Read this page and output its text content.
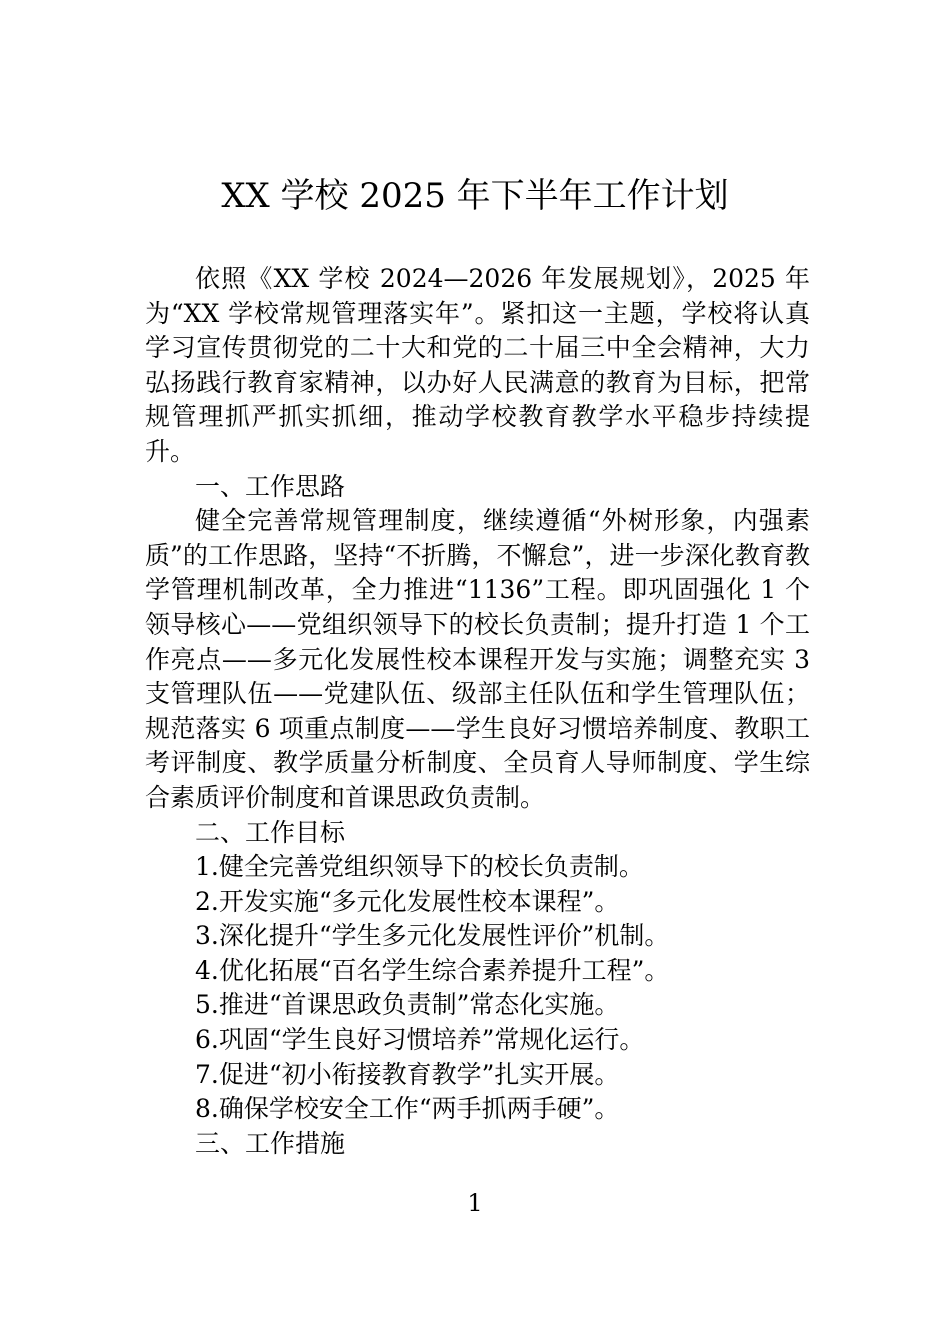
XX 学校 2025 年下半年工作计划

依照《XX 学校 2024—2026 年发展规划》，2025 年为“XX 学校常规管理落实年”。紧扣这一主题，学校将认真学习宣传贯彻党的二十大和党的二十届三中全会精神，大力弘扬践行教育家精神，以办好人民满意的教育为目标，把常规管理抓严抓实抓细，推动学校教育教学水平稳步持续提升。

一、工作思路

健全完善常规管理制度，继续遵循“外树形象，内强素质”的工作思路，坚持“不折腾，不懈怠”，进一步深化教育教学管理机制改革，全力推进“1136”工程。即巩固强化 1 个领导核心——党组织领导下的校长负责制；提升打造 1 个工作亮点——多元化发展性校本课程开发与实施；调整充实 3 支管理队伍——党建队伍、级部主任队伍和学生管理队伍；规范落实 6 项重点制度——学生良好习惯培养制度、教职工考评制度、教学质量分析制度、全员育人导师制度、学生综合素质评价制度和首课思政负责制。

二、工作目标

1.健全完善党组织领导下的校长负责制。

2.开发实施“多元化发展性校本课程”。

3.深化提升“学生多元化发展性评价”机制。

4.优化拓展“百名学生综合素养提升工程”。

5.推进“首课思政负责制”常态化实施。

6.巩固“学生良好习惯培养”常规化运行。

7.促进“初小衔接教育教学”扎实开展。

8.确保学校安全工作“两手抓两手硬”。

三、工作措施

1
